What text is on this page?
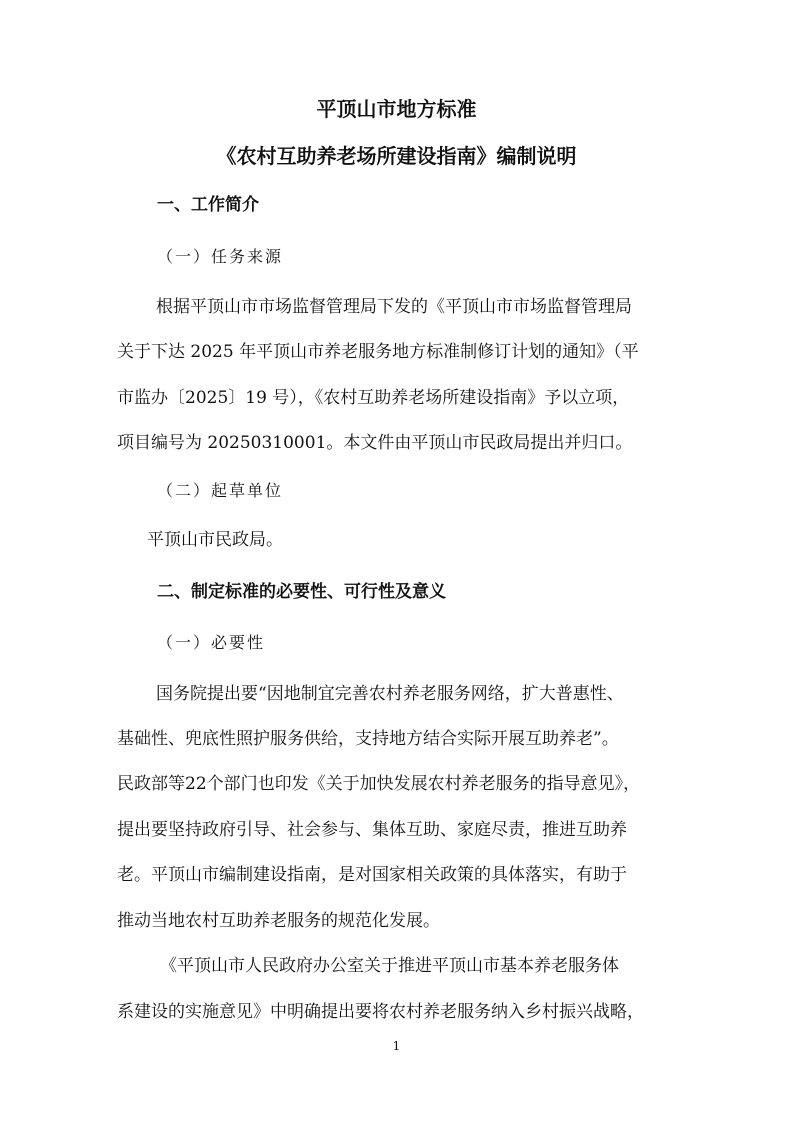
平顶山市地方标准
《农村互助养老场所建设指南》编制说明
一、工作简介
（一）任务来源
根据平顶山市市场监督管理局下发的《平顶山市市场监督管理局
关于下达 2025 年平顶山市养老服务地方标准制修订计划的通知》（平
市监办〔2025〕19 号），《农村互助养老场所建设指南》予以立项，
项目编号为 20250310001。本文件由平顶山市民政局提出并归口。
（二）起草单位
平顶山市民政局。
二、制定标准的必要性、可行性及意义
（一）必要性
国务院提出要“因地制宜完善农村养老服务网络，扩大普惠性、
基础性、兜底性照护服务供给，支持地方结合实际开展互助养老”。
民政部等22个部门也印发《关于加快发展农村养老服务的指导意见》，
提出要坚持政府引导、社会参与、集体互助、家庭尽责，推进互助养
老。平顶山市编制建设指南，是对国家相关政策的具体落实，有助于
推动当地农村互助养老服务的规范化发展。
《平顶山市人民政府办公室关于推进平顶山市基本养老服务体
系建设的实施意见》中明确提出要将农村养老服务纳入乡村振兴战略，
1
